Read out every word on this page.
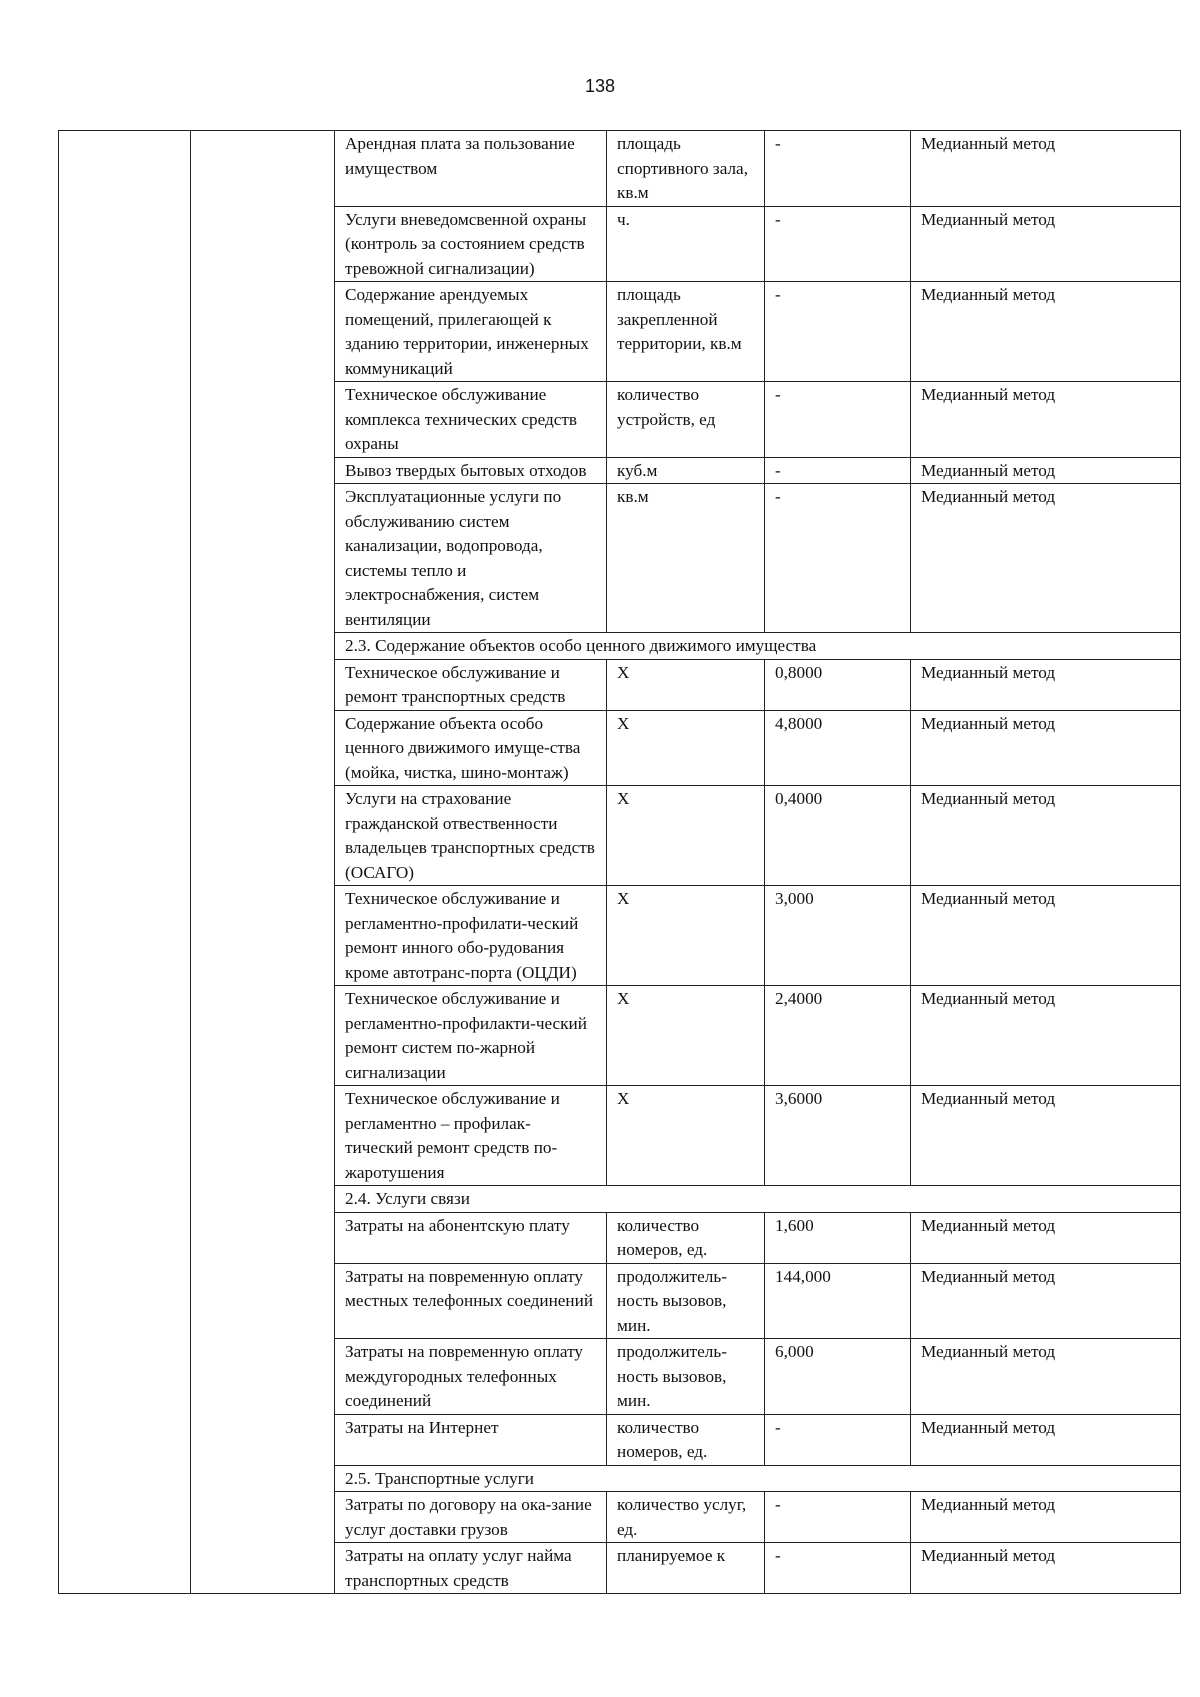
138
		Арендная плата за пользование имуществом	площадь спортивного зала, кв.м	-	Медианный метод
		Услуги вневедомсвенной охраны (контроль за состоянием средств тревожной сигнализации)	ч.	-	Медианный метод
		Содержание арендуемых помещений, прилегающей к зданию территории, инженерных коммуникаций	площадь закрепленной территории, кв.м	-	Медианный метод
		Техническое обслуживание комплекса технических средств охраны	количество устройств, ед	-	Медианный метод
		Вывоз твердых бытовых отходов	куб.м	-	Медианный метод
		Эксплуатационные услуги по обслуживанию систем канализации, водопровода, системы тепло и электроснабжения, систем вентиляции	кв.м	-	Медианный метод
		2.3. Содержание объектов особо ценного движимого имущества			
		Техническое обслуживание и ремонт транспортных средств	Х	0,8000	Медианный метод
		Содержание объекта особо ценного движимого имуще-ства (мойка, чистка, шино-монтаж)	Х	4,8000	Медианный метод
		Услуги на страхование гражданской отвественности владельцев транспортных средств (ОСАГО)	Х	0,4000	Медианный метод
		Техническое обслуживание и регламентно-профилати-ческий ремонт инного обо-рудования кроме автотранс-порта (ОЦДИ)	Х	3,000	Медианный метод
		Техническое обслуживание и регламентно-профилакти-ческий ремонт систем по-жарной сигнализации	Х	2,4000	Медианный метод
		Техническое обслуживание и регламентно – профилак-тический ремонт средств по-жаротушения	Х	3,6000	Медианный метод
		2.4. Услуги связи			
		Затраты на абонентскую плату	количество номеров, ед.	1,600	Медианный метод
		Затраты на повременную оплату местных телефонных соединений	продолжитель-ность вызовов, мин.	144,000	Медианный метод
		Затраты на повременную оплату междугородных телефонных соединений	продолжитель-ность вызовов, мин.	6,000	Медианный метод
		Затраты на Интернет	количество номеров, ед.	-	Медианный метод
		2.5. Транспортные услуги			
		Затраты по договору на ока-зание услуг доставки грузов	количество услуг, ед.	-	Медианный метод
		Затраты на оплату услуг найма транспортных средств	планируемое к	-	Медианный метод
